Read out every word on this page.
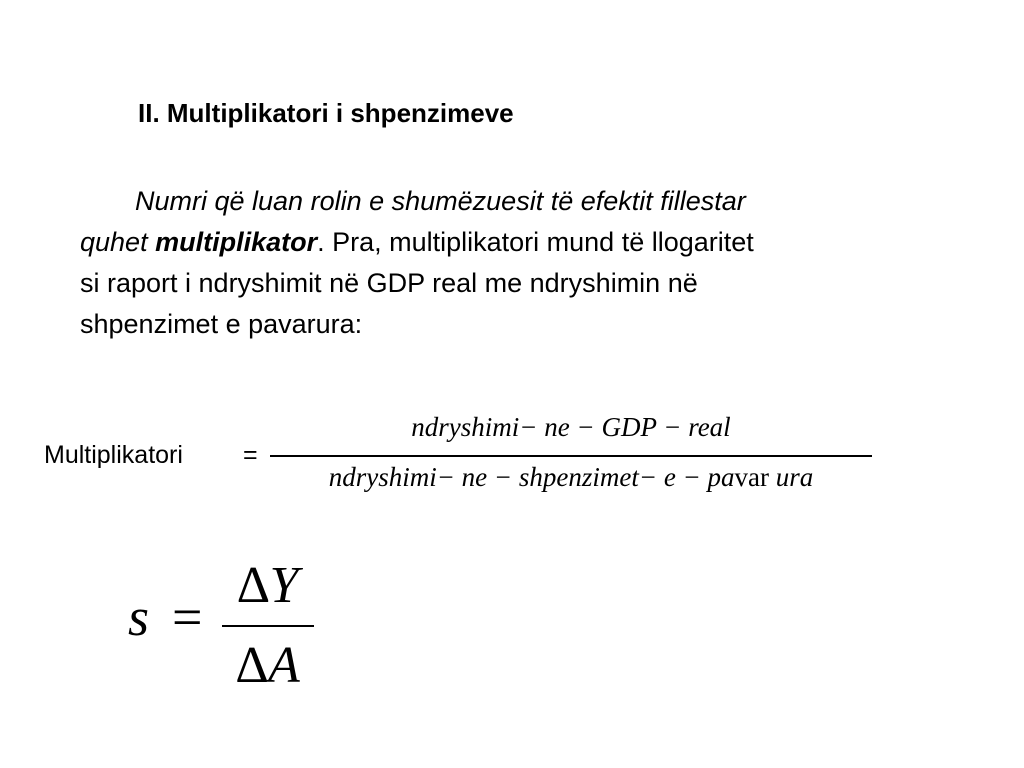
II. Multiplikatori i shpenzimeve
Numri që luan rolin e shumëzuesit të efektit fillestar
quhet multiplikator. Pra, multiplikatori mund të llogaritet
si raport i ndryshimit në GDP real me ndryshimin në
shpenzimet e pavarura:
Multiplikatori =
ndryshimi− ne − GDP − real
ndryshimi− ne − shpenzimet− e − pavar ura
s =
∆Y
∆A
